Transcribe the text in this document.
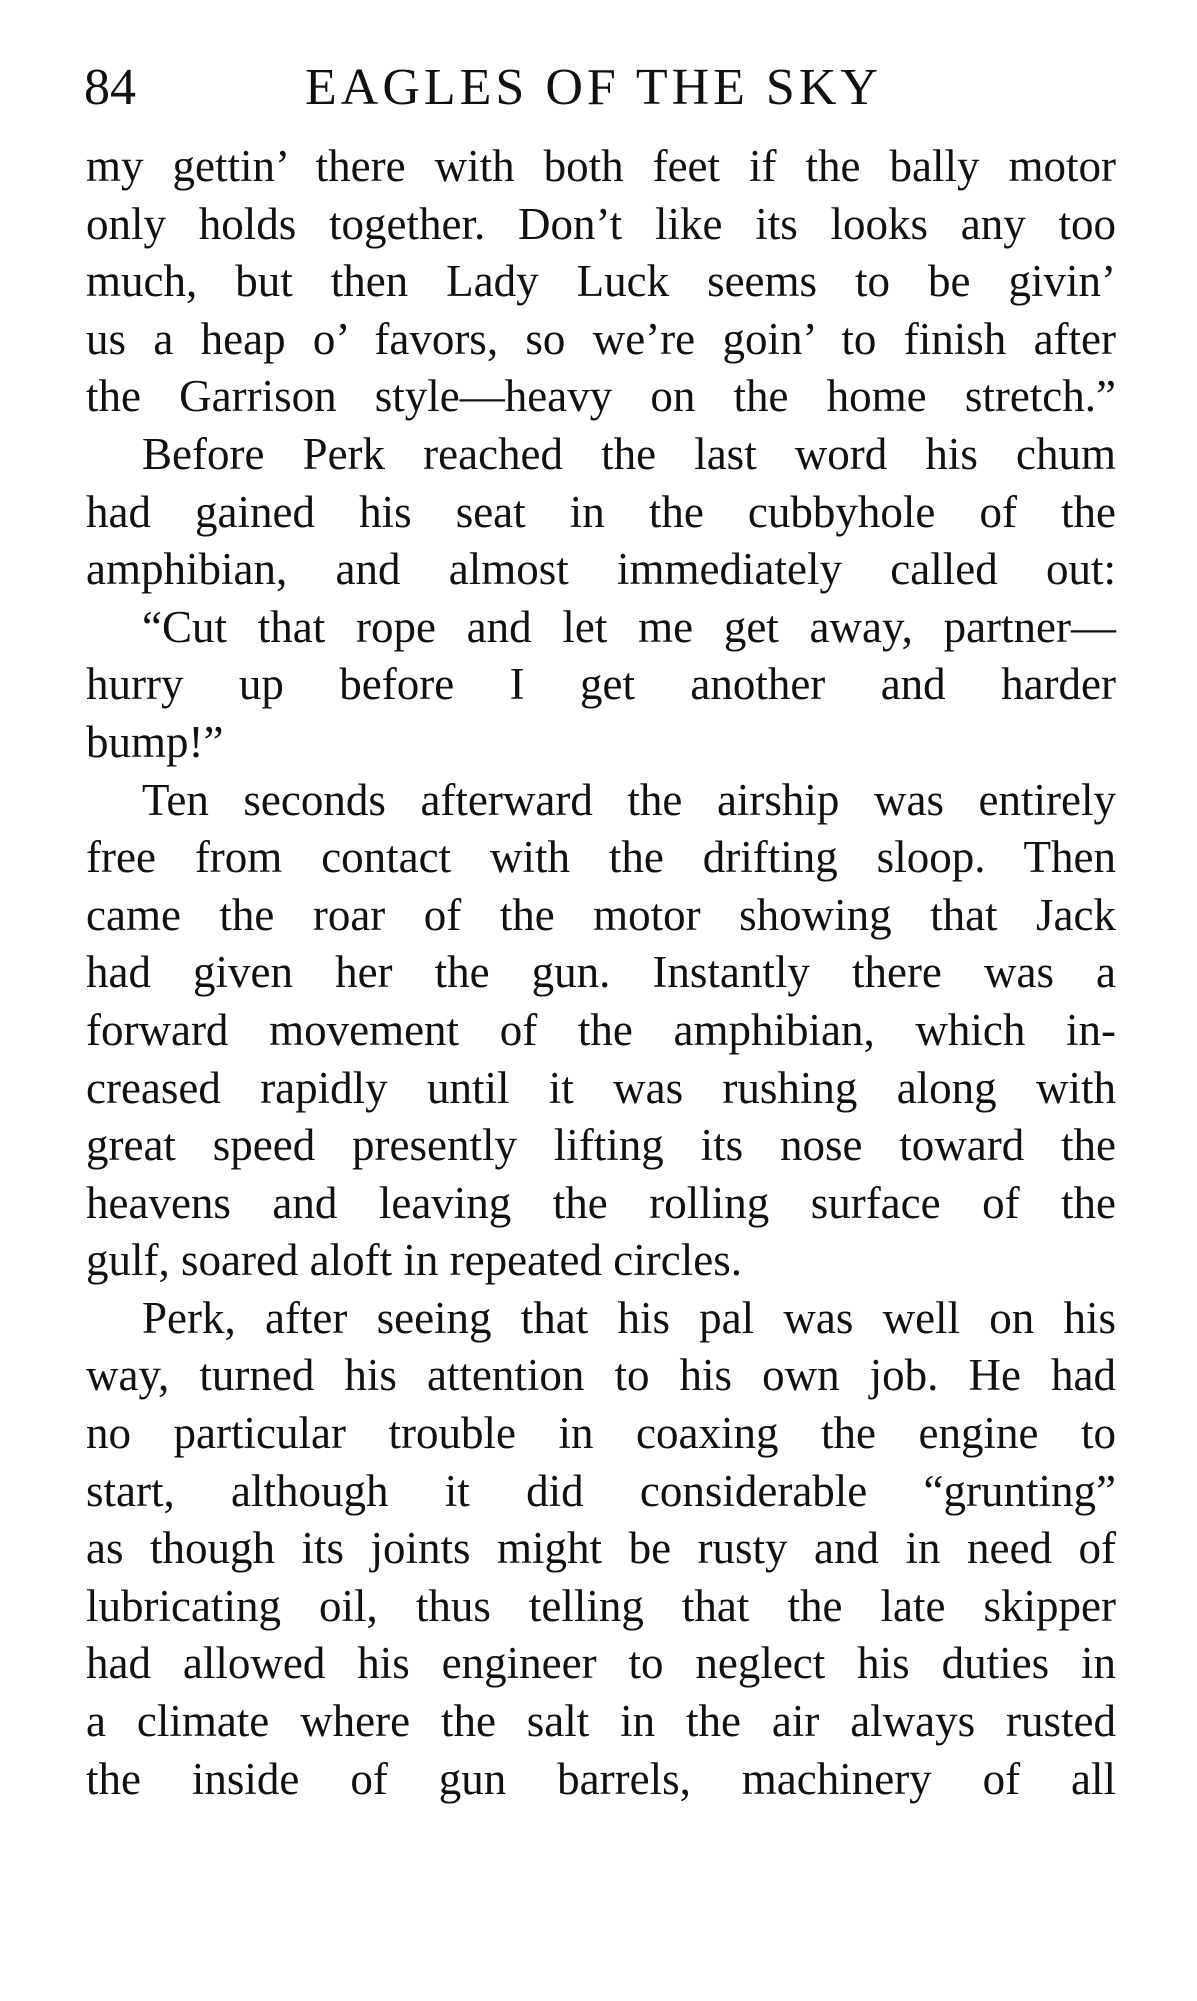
84	EAGLES OF THE SKY
my gettin’ there with both feet if the bally motor
only holds together. Don’t like its looks any too
much, but then Lady Luck seems to be givin’
us a heap o’ favors, so we’re goin’ to finish after
the Garrison style—heavy on the home stretch.”
Before Perk reached the last word his chum
had gained his seat in the cubbyhole of the
amphibian, and almost immediately called out:
“Cut that rope and let me get away, partner—
hurry up before I get another and harder
bump!”
Ten seconds afterward the airship was entirely
free from contact with the drifting sloop. Then
came the roar of the motor showing that Jack
had given her the gun. Instantly there was a
forward movement of the amphibian, which in-
creased rapidly until it was rushing along with
great speed presently lifting its nose toward the
heavens and leaving the rolling surface of the
gulf, soared aloft in repeated circles.
Perk, after seeing that his pal was well on his
way, turned his attention to his own job. He had
no particular trouble in coaxing the engine to
start, although it did considerable “grunting”
as though its joints might be rusty and in need of
lubricating oil, thus telling that the late skipper
had allowed his engineer to neglect his duties in
a climate where the salt in the air always rusted
the inside of gun barrels, machinery of all
